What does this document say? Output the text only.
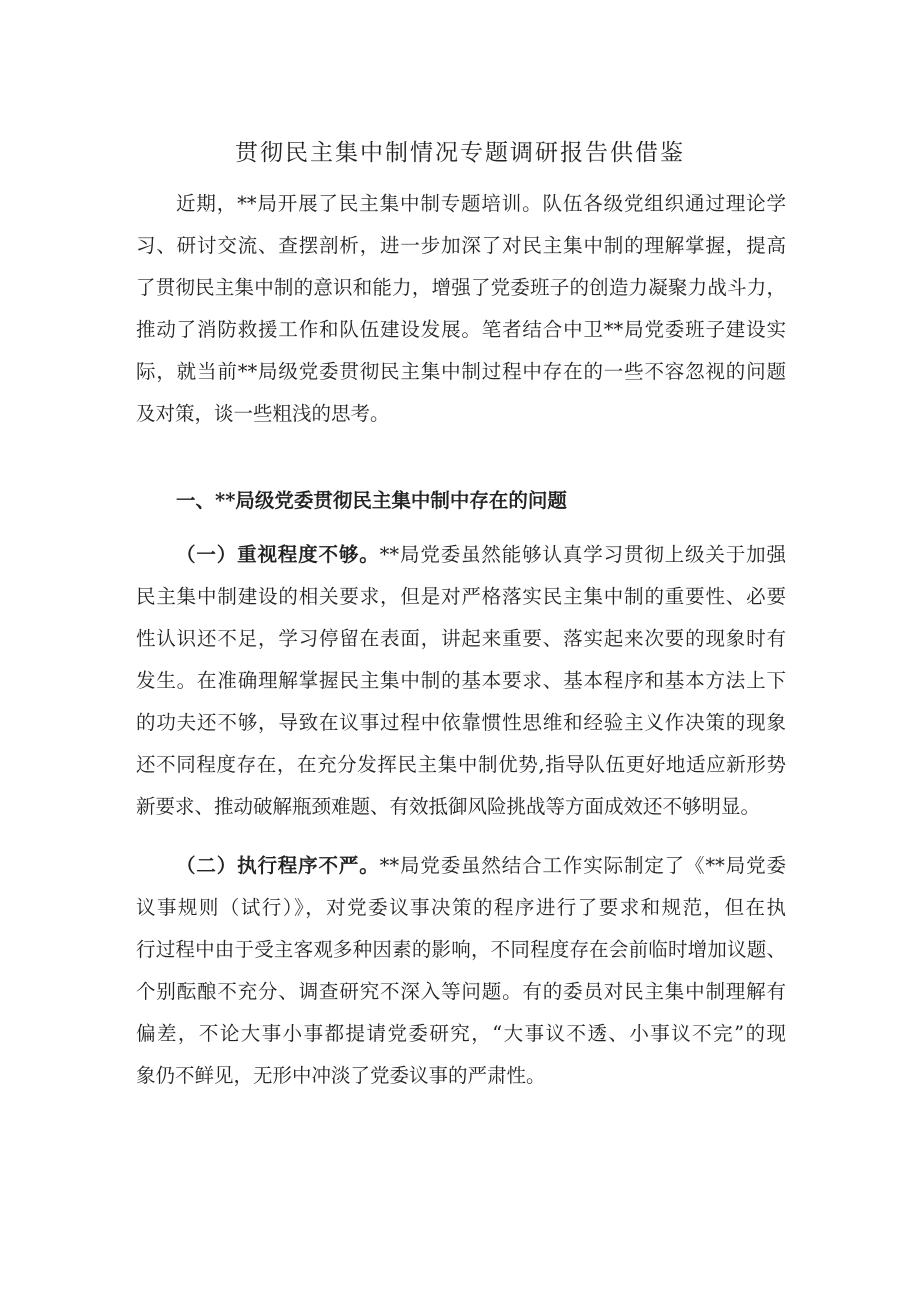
贯彻民主集中制情况专题调研报告供借鉴
近期，**局开展了民主集中制专题培训。队伍各级党组织通过理论学
习、研讨交流、查摆剖析，进一步加深了对民主集中制的理解掌握，提高
了贯彻民主集中制的意识和能力，增强了党委班子的创造力凝聚力战斗力，
推动了消防救援工作和队伍建设发展。笔者结合中卫**局党委班子建设实
际，就当前**局级党委贯彻民主集中制过程中存在的一些不容忽视的问题
及对策，谈一些粗浅的思考。
一、**局级党委贯彻民主集中制中存在的问题
（一）重视程度不够。**局党委虽然能够认真学习贯彻上级关于加强
民主集中制建设的相关要求，但是对严格落实民主集中制的重要性、必要
性认识还不足，学习停留在表面，讲起来重要、落实起来次要的现象时有
发生。在准确理解掌握民主集中制的基本要求、基本程序和基本方法上下
的功夫还不够，导致在议事过程中依靠惯性思维和经验主义作决策的现象
还不同程度存在，在充分发挥民主集中制优势,指导队伍更好地适应新形势
新要求、推动破解瓶颈难题、有效抵御风险挑战等方面成效还不够明显。
（二）执行程序不严。**局党委虽然结合工作实际制定了《**局党委
议事规则（试行）》，对党委议事决策的程序进行了要求和规范，但在执
行过程中由于受主客观多种因素的影响，不同程度存在会前临时增加议题、
个别酝酿不充分、调查研究不深入等问题。有的委员对民主集中制理解有
偏差，不论大事小事都提请党委研究，“大事议不透、小事议不完”的现
象仍不鲜见，无形中冲淡了党委议事的严肃性。
